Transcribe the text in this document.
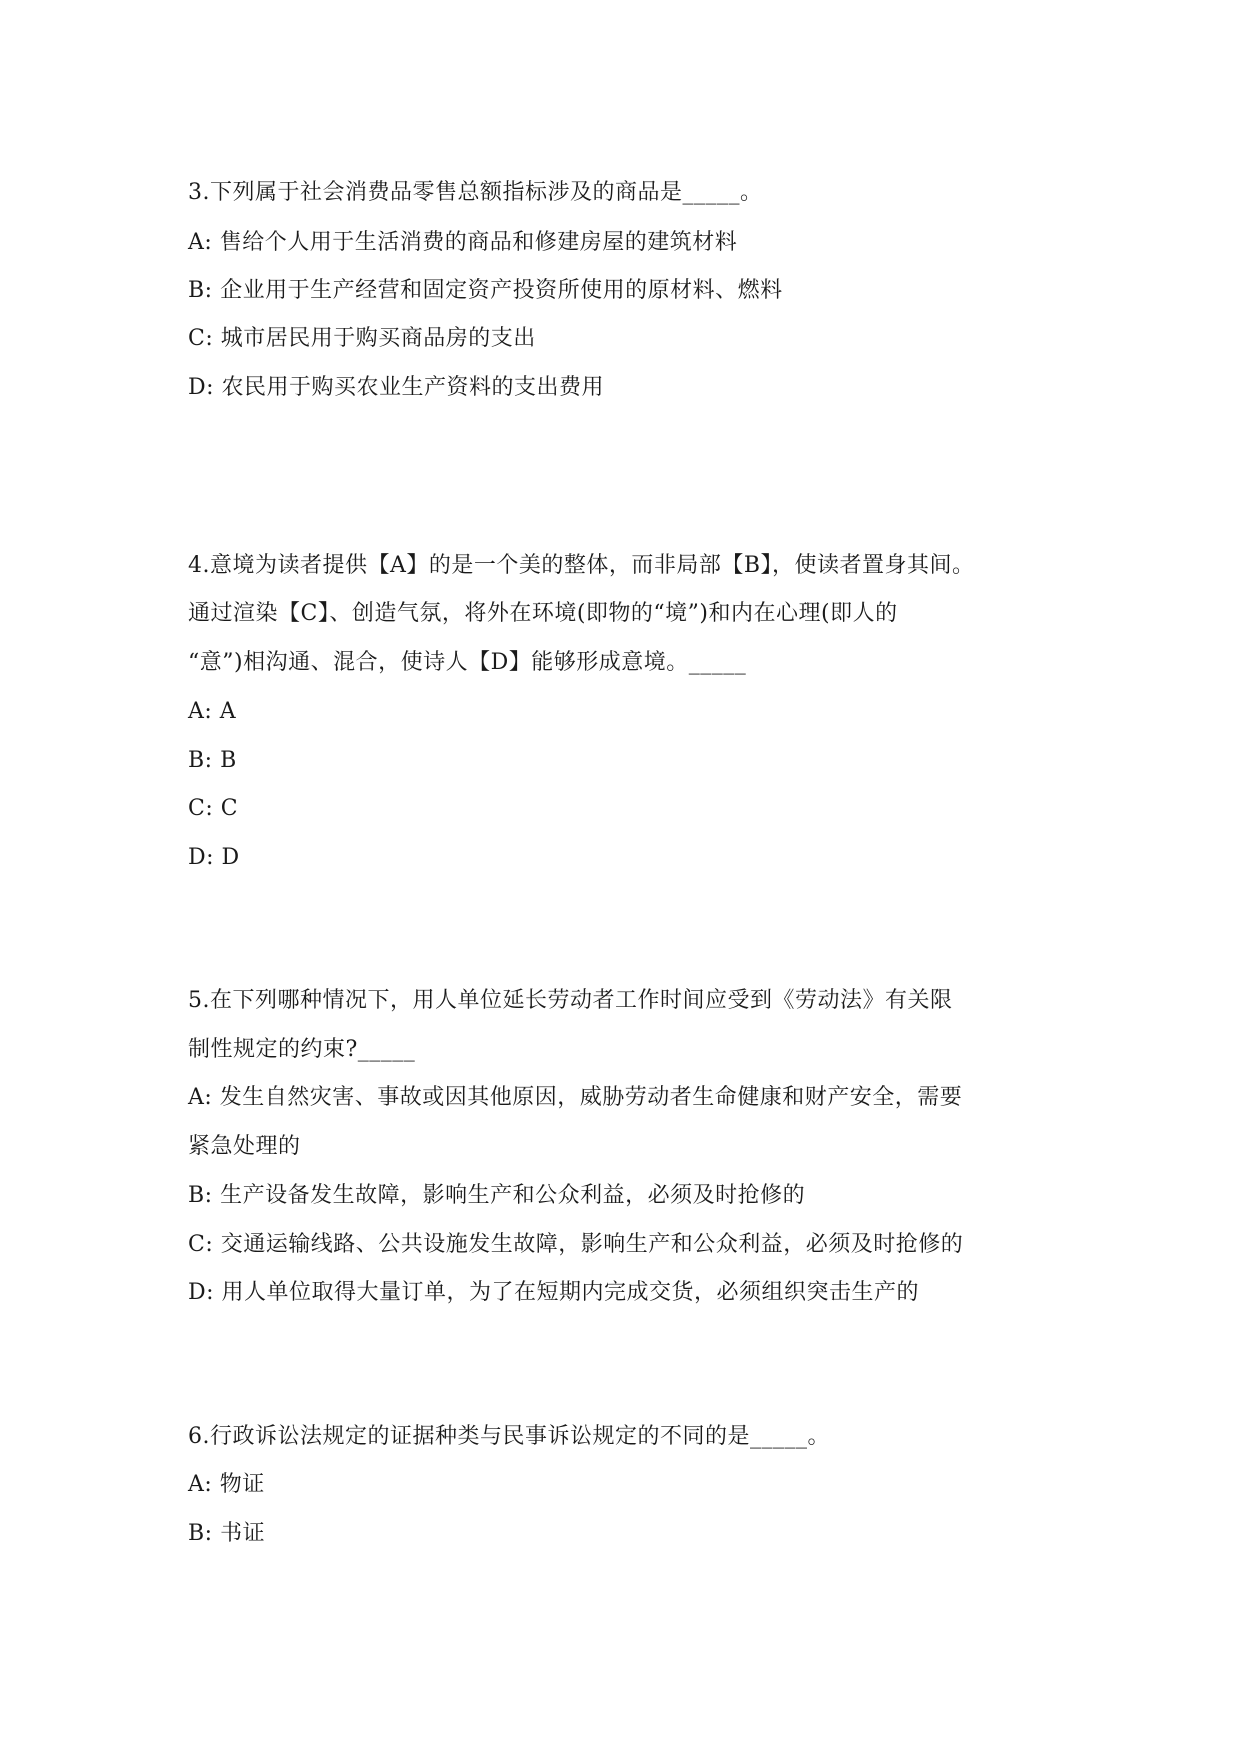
3.下列属于社会消费品零售总额指标涉及的商品是_____。
A: 售给个人用于生活消费的商品和修建房屋的建筑材料
B: 企业用于生产经营和固定资产投资所使用的原材料、燃料
C: 城市居民用于购买商品房的支出
D: 农民用于购买农业生产资料的支出费用
4.意境为读者提供【A】的是一个美的整体，而非局部【B】，使读者置身其间。
通过渲染【C】、创造气氛，将外在环境(即物的“境”)和内在心理(即人的
“意”)相沟通、混合，使诗人【D】能够形成意境。_____
A: A
B: B
C: C
D: D
5.在下列哪种情况下，用人单位延长劳动者工作时间应受到《劳动法》有关限
制性规定的约束?_____
A: 发生自然灾害、事故或因其他原因，威胁劳动者生命健康和财产安全，需要
紧急处理的
B: 生产设备发生故障，影响生产和公众利益，必须及时抢修的
C: 交通运输线路、公共设施发生故障，影响生产和公众利益，必须及时抢修的
D: 用人单位取得大量订单，为了在短期内完成交货，必须组织突击生产的
6.行政诉讼法规定的证据种类与民事诉讼规定的不同的是_____。
A: 物证
B: 书证
